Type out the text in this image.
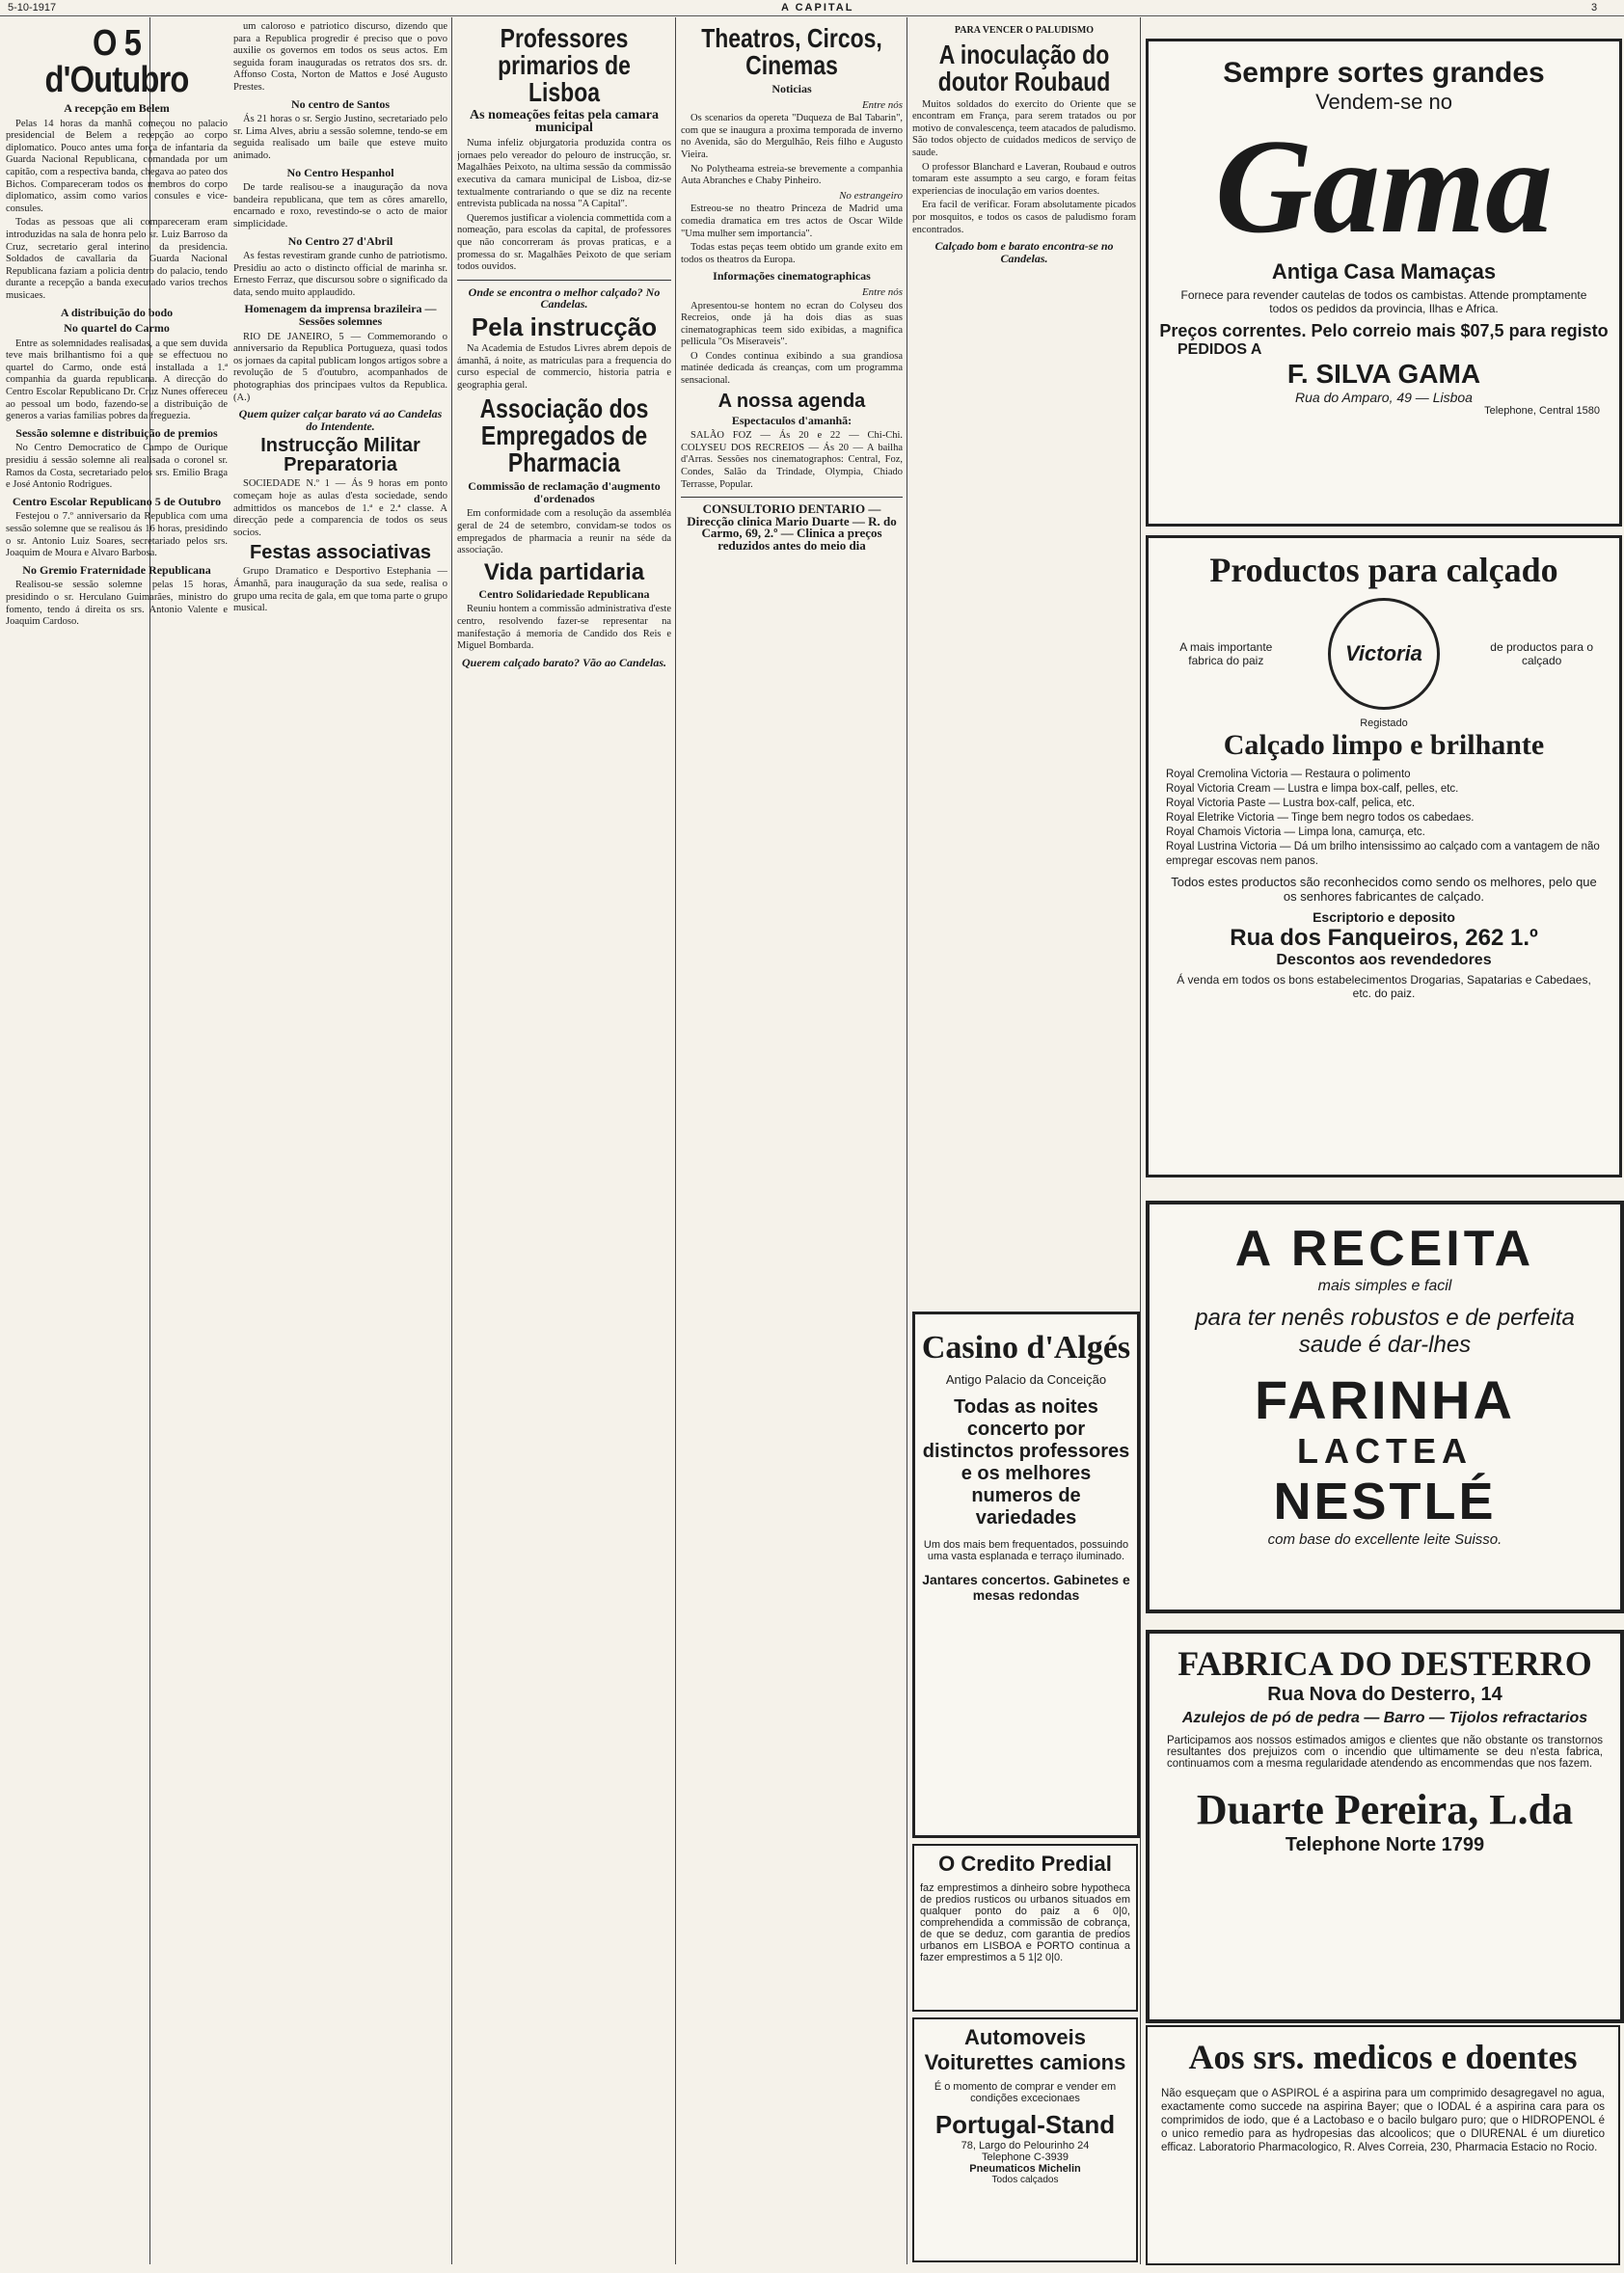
5-10-1917	A CAPITAL	3
O 5 d'Outubro
A recepção em Belem

Pelas 14 horas da manhã começou no palacio presidencial de Belem a recepção ao corpo diplomatico. Pouco antes uma força de infantaria da Guarda Nacional Republicana, comandada por um capitão, com a respectiva banda, chegava ao pateo dos Bichos. Compareceram todos os membros do corpo diplomatico, assim como varios consules e vice-consules.

Todas as pessoas que ali compareceram eram introduzidas na sala de honra pelo sr. Luiz Barroso da Cruz, secretario geral interino da presidencia. Soldados de cavallaria da Guarda Nacional Republicana faziam a policia dentro do palacio, tendo durante a recepção a banda executado varios trechos musicaes.

A distribuição do bodo
No quartel do Carmo

Entre as solemnidades realisadas, a que sem duvida teve mais brilhantismo foi a que se effectuou no quartel do Carmo, onde está installada a 1.ª companhia da guarda republicana. A direcção do Centro Escolar Republicano Dr. Cruz Nunes offereceu ao pessoal um bodo, fazendo-se a distribuição de generos a varias familias pobres da freguezia.

Sessão solemne e distribuição de premios

No Centro Democratico de Campo de Ourique presidiu á sessão solemne ali realisada o coronel sr. Ramos da Costa, secretariado pelos srs. Emilio Braga e José Antonio Rodrigues.

Centro Escolar Republicano 5 de Outubro

Festejou o 7.º anniversario da Republica com uma sessão solemne que se realisou ás 16 horas, presidindo o sr. Antonio Luiz Soares, secretariado pelos srs. Joaquim de Moura e Alvaro Barbosa.

No Gremio Fraternidade Republicana

Realisou-se sessão solemne pelas 15 horas, presidindo o sr. Herculano Guimarães, ministro do fomento, tendo á direita os srs. Antonio Valente e Joaquim Cardoso.

um caloroso e patriotico discurso, dizendo que para a Republica progredir é preciso que o povo auxilie os governos em todos os seus actos. Em seguida foram inauguradas os retratos dos srs. dr. Affonso Costa, Norton de Mattos e José Augusto Prestes.

No centro de Santos

Ás 21 horas o sr. Sergio Justino, secretariado pelo sr. Lima Alves, abriu a sessão solemne, tendo-se em seguida realisado um baile que esteve muito animado.

No Centro Hespanhol

De tarde realisou-se a inauguração da nova bandeira republicana, que tem as côres amarello, encarnado e roxo, revestindo-se o acto de maior simplicidade.

No Centro 27 d'Abril

As festas revestiram grande cunho de patriotismo. Presidiu ao acto o distincto official de marinha sr. Ernesto Ferraz, que discursou sobre o significado da data, sendo muito applaudido.

Homenagem da imprensa brazileira — Sessões solemnes

RIO DE JANEIRO, 5 — Commemorando o anniversario da Republica Portugueza, quasi todos os jornaes da capital publicam longos artigos sobre a revolução de 5 d'outubro, acompanhados de photographias dos principaes vultos da Republica. (A.)

Quem quizer calçar barato vá ao Candelas do Intendente.
Instrucção Militar Preparatoria

SOCIEDADE N.º 1 — Ás 9 horas em ponto começam hoje as aulas d'esta sociedade, sendo admittidos os mancebos de 1.ª e 2.ª classe. A direcção pede a comparencia de todos os seus socios.

Festas associativas

Grupo Dramatico e Desportivo Estephania — Ámanhã, para inauguração da sua sede, realisa o grupo uma recita de gala, em que toma parte o grupo musical.

Professores primarios de Lisboa
As nomeações feitas pela camara municipal

Numa infeliz objurgatoria produzida contra os jornaes pelo vereador do pelouro de instrucção, sr. Magalhães Peixoto, na ultima sessão da commissão executiva da camara municipal de Lisboa, diz-se textualmente contrariando o que se diz na recente entrevista publicada na nossa "A Capital".

Queremos justificar a violencia commettida com a nomeação, para escolas da capital, de professores que não concorreram ás provas praticas, e a promessa do sr. Magalhães Peixoto de que seriam todos ouvidos.

Onde se encontra o melhor calçado? No Candelas.
Pela instrucção

Na Academia de Estudos Livres abrem depois de ámanhã, á noite, as matriculas para a frequencia do curso especial de commercio, historia patria e geographia geral.

Associação dos Empregados de Pharmacia
Commissão de reclamação d'augmento d'ordenados

Em conformidade com a resolução da assembléa geral de 24 de setembro, convidam-se todos os empregados de pharmacia a reunir na séde da associação.

Vida partidaria
Centro Solidariedade Republicana

Reuniu hontem a commissão administrativa d'este centro, resolvendo fazer-se representar na manifestação á memoria de Candido dos Reis e Miguel Bombarda.

Querem calçado barato? Vão ao Candelas.
Theatros, Circos, Cinemas
Noticias
Entre nós

Os scenarios da opereta "Duqueza de Bal Tabarin", com que se inaugura a proxima temporada de inverno no Avenida, são do Mergulhão, Reis filho e Augusto Vieira.

No Polytheama estreia-se brevemente a companhia Auta Abranches e Chaby Pinheiro.

No estrangeiro

Estreou-se no theatro Princeza de Madrid uma comedia dramatica em tres actos de Oscar Wilde "Uma mulher sem importancia".

Todas estas peças teem obtido um grande exito em todos os theatros da Europa.

Informações cinematographicas
Entre nós

Apresentou-se hontem no ecran do Colyseu dos Recreios, onde já ha dois dias as suas cinematographicas teem sido exibidas, a magnifica pellicula "Os Miseraveis".

O Condes continua exibindo a sua grandiosa matinée dedicada ás creanças, com um programma sensacional.

A nossa agenda
Espectaculos d'amanhã:

SALÃO FOZ — Ás 20 e 22 — Chi-Chi. COLYSEU DOS RECREIOS — Ás 20 — A bailha d'Arras. Sessões nos cinematographos: Central, Foz, Condes, Salão da Trindade, Olympia, Chiado Terrasse, Popular.

CONSULTORIO DENTARIO — Direcção clinica Mario Duarte — R. do Carmo, 69, 2.º — Clinica a preços reduzidos antes do meio dia
PARA VENCER O PALUDISMO
A inoculação do doutor Roubaud

Muitos soldados do exercito do Oriente que se encontram em França, para serem tratados ou por motivo de convalescença, teem atacados de paludismo. São todos objecto de cuidados medicos de serviço de saude.

O professor Blanchard e Laveran, Roubaud e outros tomaram este assumpto a seu cargo, e foram feitas experiencias de inoculação em varios doentes.

Era facil de verificar. Foram absolutamente picados por mosquitos, e todos os casos de paludismo foram encontrados.

Calçado bom e barato encontra-se no Candelas.
Casino d'Algés
Antigo Palacio da Conceição
Todas as noites concerto por distinctos professores e os melhores numeros de variedades
Um dos mais bem frequentados, possuindo uma vasta esplanada e terraço iluminado.
Jantares concertos. Gabinetes e mesas redondas
O Credito Predial
faz emprestimos a dinheiro sobre hypotheca de predios rusticos ou urbanos situados em qualquer ponto do paiz a 6 0|0, comprehendida a commissão de cobrança, de que se deduz, com garantia de predios urbanos em LISBOA e PORTO continua a fazer emprestimos a 5 1|2 0|0.
Automoveis Voiturettes camions
É o momento de comprar e vender em condições excecionaes
Portugal-Stand
78, Largo do Pelourinho 24
Telephone C-3939
Pneumaticos Michelin
Todos calçados
Sempre sortes grandes
Vendem-se no
Gama
Antiga Casa Mamaças
Fornece para revender cautelas de todos os cambistas. Attende promptamente todos os pedidos da provincia, Ilhas e Africa.
Preços correntes. Pelo correio mais $07,5 para registo
PEDIDOS A
F. SILVA GAMA
Rua do Amparo, 49 — Lisboa
Telephone, Central 1580
Productos para calçado
A mais importante fabrica do paiz	Victoria	de productos para o calçado
Registado
Calçado limpo e brilhante
Royal Cremolina Victoria — Restaura o polimento
Royal Victoria Cream — Lustra e limpa box-calf, pelles, etc.
Royal Victoria Paste — Lustra box-calf, pelica, etc.
Royal Eletrike Victoria — Tinge bem negro todos os cabedaes.
Royal Chamois Victoria — Limpa lona, camurça, etc.
Royal Lustrina Victoria — Dá um brilho intensissimo ao calçado com a vantagem de não empregar escovas nem panos.
Todos estes productos são reconhecidos como sendo os melhores, pelo que os senhores fabricantes de calçado.
Escriptorio e deposito
Rua dos Fanqueiros, 262 1.º
Descontos aos revendedores
Á venda em todos os bons estabelecimentos Drogarias, Sapatarias e Cabedaes, etc. do paiz.
A RECEITA
mais simples e facil
para ter nenês robustos e de perfeita saude é dar-lhes
FARINHA
LACTEA
NESTLÉ
com base do excellente leite Suisso.
FABRICA DO DESTERRO
Rua Nova do Desterro, 14
Azulejos de pó de pedra — Barro — Tijolos refractarios
Participamos aos nossos estimados amigos e clientes que não obstante os transtornos resultantes dos prejuizos com o incendio que ultimamente se deu n'esta fabrica, continuamos com a mesma regularidade atendendo as encommendas que nos fazem.
Duarte Pereira, L.da
Telephone Norte 1799
Aos srs. medicos e doentes
Não esqueçam que o ASPIROL é a aspirina para um comprimido desagregavel no agua, exactamente como succede na aspirina Bayer; que o IODAL é a aspirina cara para os comprimidos de iodo, que é a Lactobaso e o bacilo bulgaro puro; que o HIDROPENOL é o unico remedio para as hydropesias das alcoolicos; que o DIURENAL é um diuretico efficaz. Laboratorio Pharmacologico, R. Alves Correia, 230, Pharmacia Estacio no Rocio.
